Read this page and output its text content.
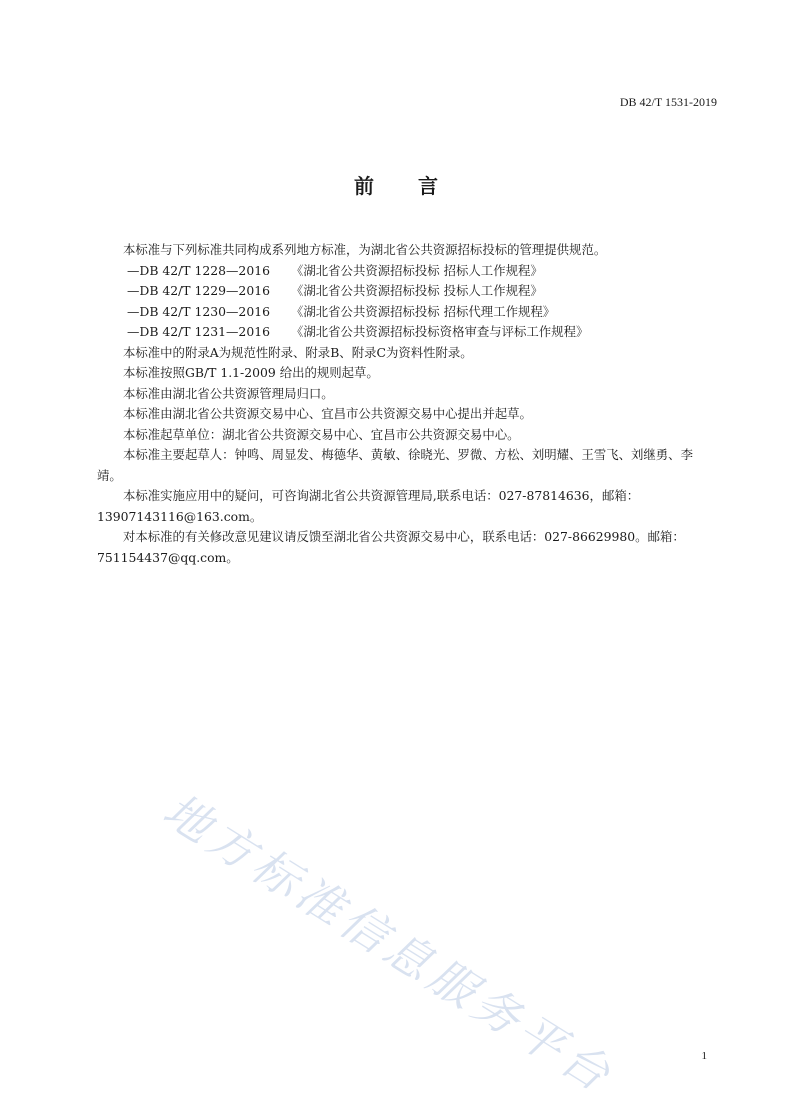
DB 42/T 1531-2019
前 言

本标准与下列标准共同构成系列地方标准，为湖北省公共资源招标投标的管理提供规范。

—DB 42/T 1228—2016 《湖北省公共资源招标投标 招标人工作规程》

—DB 42/T 1229—2016 《湖北省公共资源招标投标 投标人工作规程》

—DB 42/T 1230—2016 《湖北省公共资源招标投标 招标代理工作规程》

—DB 42/T 1231—2016 《湖北省公共资源招标投标资格审查与评标工作规程》

本标准中的附录A为规范性附录、附录B、附录C为资料性附录。

本标准按照GB/T 1.1-2009 给出的规则起草。

本标准由湖北省公共资源管理局归口。

本标准由湖北省公共资源交易中心、宜昌市公共资源交易中心提出并起草。

本标准起草单位：湖北省公共资源交易中心、宜昌市公共资源交易中心。

本标准主要起草人：钟鸣、周显发、梅德华、黄敏、徐晓光、罗微、方松、刘明耀、王雪飞、刘继勇、李靖。

本标准实施应用中的疑问，可咨询湖北省公共资源管理局,联系电话：027-87814636，邮箱：13907143116@163.com。

对本标准的有关修改意见建议请反馈至湖北省公共资源交易中心，联系电话：027-86629980。邮箱：751154437@qq.com。

地方标准信息服务平台	1
